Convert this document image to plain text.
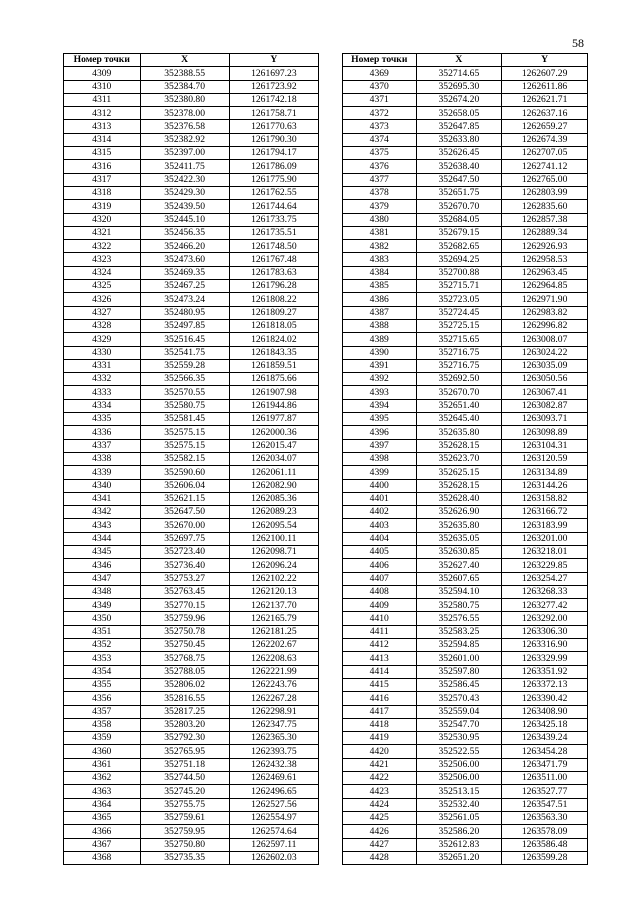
58
Номер точки	X	Y
4309	352388.55	1261697.23
4310	352384.70	1261723.92
4311	352380.80	1261742.18
4312	352378.00	1261758.71
4313	352376.58	1261770.63
4314	352382.92	1261790.30
4315	352397.00	1261794.17
4316	352411.75	1261786.09
4317	352422.30	1261775.90
4318	352429.30	1261762.55
4319	352439.50	1261744.64
4320	352445.10	1261733.75
4321	352456.35	1261735.51
4322	352466.20	1261748.50
4323	352473.60	1261767.48
4324	352469.35	1261783.63
4325	352467.25	1261796.28
4326	352473.24	1261808.22
4327	352480.95	1261809.27
4328	352497.85	1261818.05
4329	352516.45	1261824.02
4330	352541.75	1261843.35
4331	352559.28	1261859.51
4332	352566.35	1261875.66
4333	352570.55	1261907.98
4334	352580.75	1261944.86
4335	352581.45	1261977.87
4336	352575.15	1262000.36
4337	352575.15	1262015.47
4338	352582.15	1262034.07
4339	352590.60	1262061.11
4340	352606.04	1262082.90
4341	352621.15	1262085.36
4342	352647.50	1262089.23
4343	352670.00	1262095.54
4344	352697.75	1262100.11
4345	352723.40	1262098.71
4346	352736.40	1262096.24
4347	352753.27	1262102.22
4348	352763.45	1262120.13
4349	352770.15	1262137.70
4350	352759.96	1262165.79
4351	352750.78	1262181.25
4352	352750.45	1262202.67
4353	352768.75	1262208.63
4354	352788.05	1262221.99
4355	352806.02	1262243.76
4356	352816.55	1262267.28
4357	352817.25	1262298.91
4358	352803.20	1262347.75
4359	352792.30	1262365.30
4360	352765.95	1262393.75
4361	352751.18	1262432.38
4362	352744.50	1262469.61
4363	352745.20	1262496.65
4364	352755.75	1262527.56
4365	352759.61	1262554.97
4366	352759.95	1262574.64
4367	352750.80	1262597.11
4368	352735.35	1262602.03
Номер точки	X	Y
4369	352714.65	1262607.29
4370	352695.30	1262611.86
4371	352674.20	1262621.71
4372	352658.05	1262637.16
4373	352647.85	1262659.27
4374	352633.80	1262674.39
4375	352626.45	1262707.05
4376	352638.40	1262741.12
4377	352647.50	1262765.00
4378	352651.75	1262803.99
4379	352670.70	1262835.60
4380	352684.05	1262857.38
4381	352679.15	1262889.34
4382	352682.65	1262926.93
4383	352694.25	1262958.53
4384	352700.88	1262963.45
4385	352715.71	1262964.85
4386	352723.05	1262971.90
4387	352724.45	1262983.82
4388	352725.15	1262996.82
4389	352715.65	1263008.07
4390	352716.75	1263024.22
4391	352716.75	1263035.09
4392	352692.50	1263050.56
4393	352670.70	1263067.41
4394	352651.40	1263082.87
4395	352645.40	1263093.71
4396	352635.80	1263098.89
4397	352628.15	1263104.31
4398	352623.70	1263120.59
4399	352625.15	1263134.89
4400	352628.15	1263144.26
4401	352628.40	1263158.82
4402	352626.90	1263166.72
4403	352635.80	1263183.99
4404	352635.05	1263201.00
4405	352630.85	1263218.01
4406	352627.40	1263229.85
4407	352607.65	1263254.27
4408	352594.10	1263268.33
4409	352580.75	1263277.42
4410	352576.55	1263292.00
4411	352583.25	1263306.30
4412	352594.85	1263316.90
4413	352601.00	1263329.99
4414	352597.80	1263351.92
4415	352586.45	1263372.13
4416	352570.43	1263390.42
4417	352559.04	1263408.90
4418	352547.70	1263425.18
4419	352530.95	1263439.24
4420	352522.55	1263454.28
4421	352506.00	1263471.79
4422	352506.00	1263511.00
4423	352513.15	1263527.77
4424	352532.40	1263547.51
4425	352561.05	1263563.30
4426	352586.20	1263578.09
4427	352612.83	1263586.48
4428	352651.20	1263599.28
